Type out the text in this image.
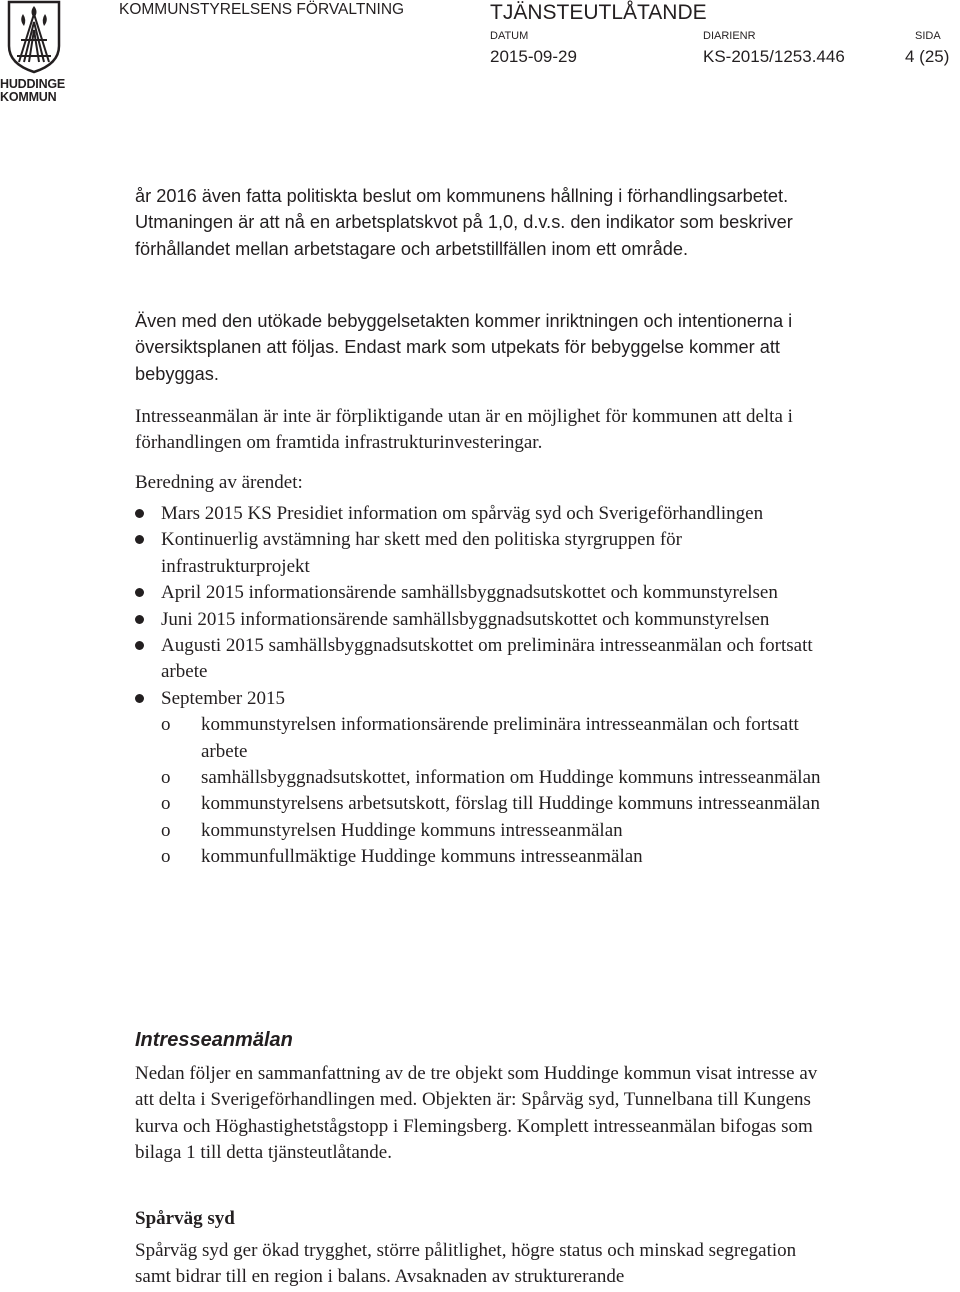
HUDDINGE
KOMMUN
KOMMUNSTYRELSENS FÖRVALTNING	TJÄNSTEUTLÅTANDE
DATUM
2015-09-29
DIARIENR
KS-2015/1253.446
SIDA
4 (25)

år 2016 även fatta politiskta beslut om kommunens hållning i förhandlingsarbetet. Utmaningen är att nå en arbetsplatskvot på 1,0, d.v.s. den indikator som beskriver förhållandet mellan arbetstagare och arbetstillfällen inom ett område.

Även med den utökade bebyggelsetakten kommer inriktningen och intentionerna i översiktsplanen att följas. Endast mark som utpekats för bebyggelse kommer att bebyggas.

Intresseanmälan är inte är förpliktigande utan är en möjlighet för kommunen att delta i förhandlingen om framtida infrastrukturinvesteringar.

Beredning av ärendet:

Mars 2015 KS Presidiet information om spårväg syd och Sverigeförhandlingen
Kontinuerlig avstämning har skett med den politiska styrgruppen för infrastrukturprojekt
April 2015 informationsärende samhällsbyggnadsutskottet och kommunstyrelsen
Juni 2015 informationsärende samhällsbyggnadsutskottet och kommunstyrelsen
Augusti 2015 samhällsbyggnadsutskottet om preliminära intresseanmälan och fortsatt arbete
September 2015
o kommunstyrelsen informationsärende preliminära intresseanmälan och fortsatt arbete
o samhällsbyggnadsutskottet, information om Huddinge kommuns intresseanmälan
o kommunstyrelsens arbetsutskott, förslag till Huddinge kommuns intresseanmälan
o kommunstyrelsen Huddinge kommuns intresseanmälan
o kommunfullmäktige Huddinge kommuns intresseanmälan
Intresseanmälan

Nedan följer en sammanfattning av de tre objekt som Huddinge kommun visat intresse av att delta i Sverigeförhandlingen med. Objekten är: Spårväg syd, Tunnelbana till Kungens kurva och Höghastighetstågstopp i Flemingsberg. Komplett intresseanmälan bifogas som bilaga 1 till detta tjänsteutlåtande.

Spårväg syd

Spårväg syd ger ökad trygghet, större pålitlighet, högre status och minskad segregation samt bidrar till en region i balans. Avsaknaden av strukturerande
